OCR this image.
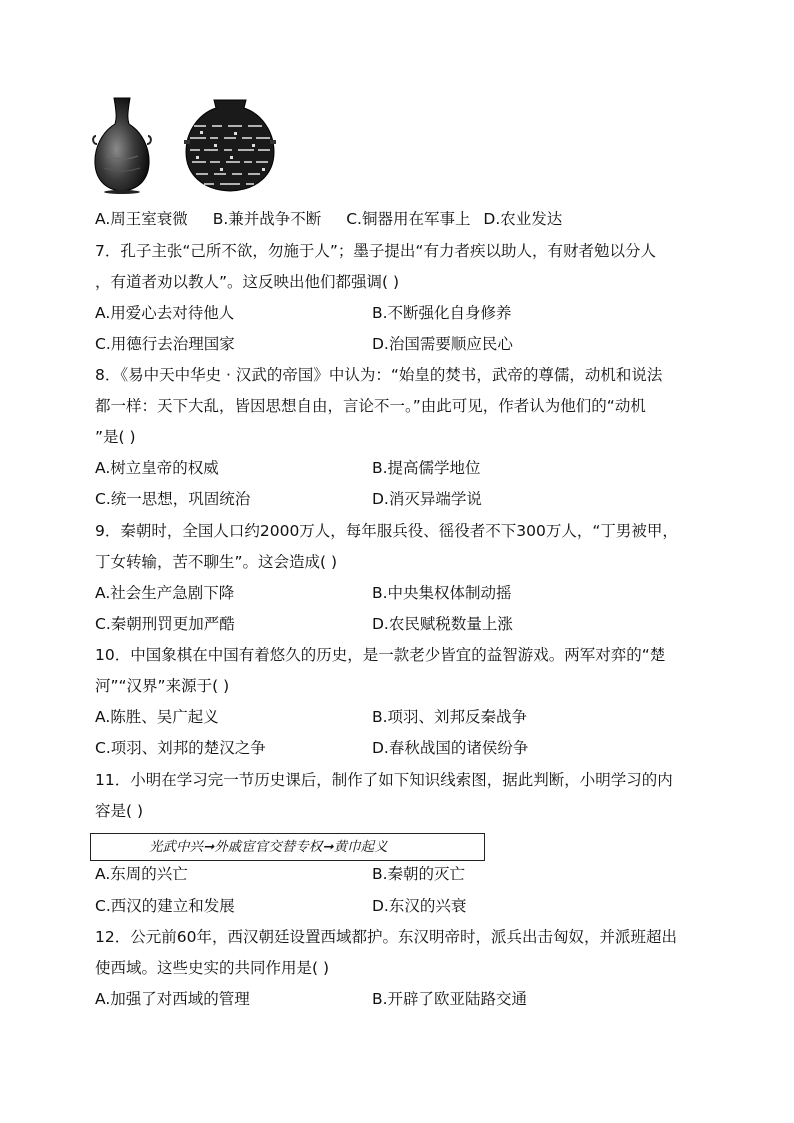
A.周王室衰微 B.兼并战争不断 C.铜器用在军事上 D.农业发达
7．孔子主张“己所不欲，勿施于人”；墨子提出“有力者疾以助人，有财者勉以分人
，有道者劝以教人”。这反映出他们都强调( )
A.用爱心去对待他人	B.不断强化自身修养
C.用德行去治理国家	D.治国需要顺应民心
8．《易中天中华史 · 汉武的帝国》中认为：“始皇的焚书，武帝的尊儒，动机和说法
都一样：天下大乱，皆因思想自由，言论不一。”由此可见，作者认为他们的“动机
”是( )
A.树立皇帝的权威	B.提高儒学地位
C.统一思想，巩固统治	D.消灭异端学说
9．秦朝时，全国人口约2000万人，每年服兵役、徭役者不下300万人，“丁男被甲，
丁女转输，苦不聊生”。这会造成( )
A.社会生产急剧下降	B.中央集权体制动摇
C.秦朝刑罚更加严酷	D.农民赋税数量上涨
10．中国象棋在中国有着悠久的历史，是一款老少皆宜的益智游戏。两军对弈的“楚
河”“汉界”来源于( )
A.陈胜、吴广起义	B.项羽、刘邦反秦战争
C.项羽、刘邦的楚汉之争	D.春秋战国的诸侯纷争
11．小明在学习完一节历史课后，制作了如下知识线索图，据此判断，小明学习的内
容是( )
光武中兴➞外戚宦官交替专权➞黄巾起义
A.东周的兴亡	B.秦朝的灭亡
C.西汉的建立和发展	D.东汉的兴衰
12．公元前60年，西汉朝廷设置西域都护。东汉明帝时，派兵出击匈奴，并派班超出
使西域。这些史实的共同作用是( )
A.加强了对西域的管理	B.开辟了欧亚陆路交通
